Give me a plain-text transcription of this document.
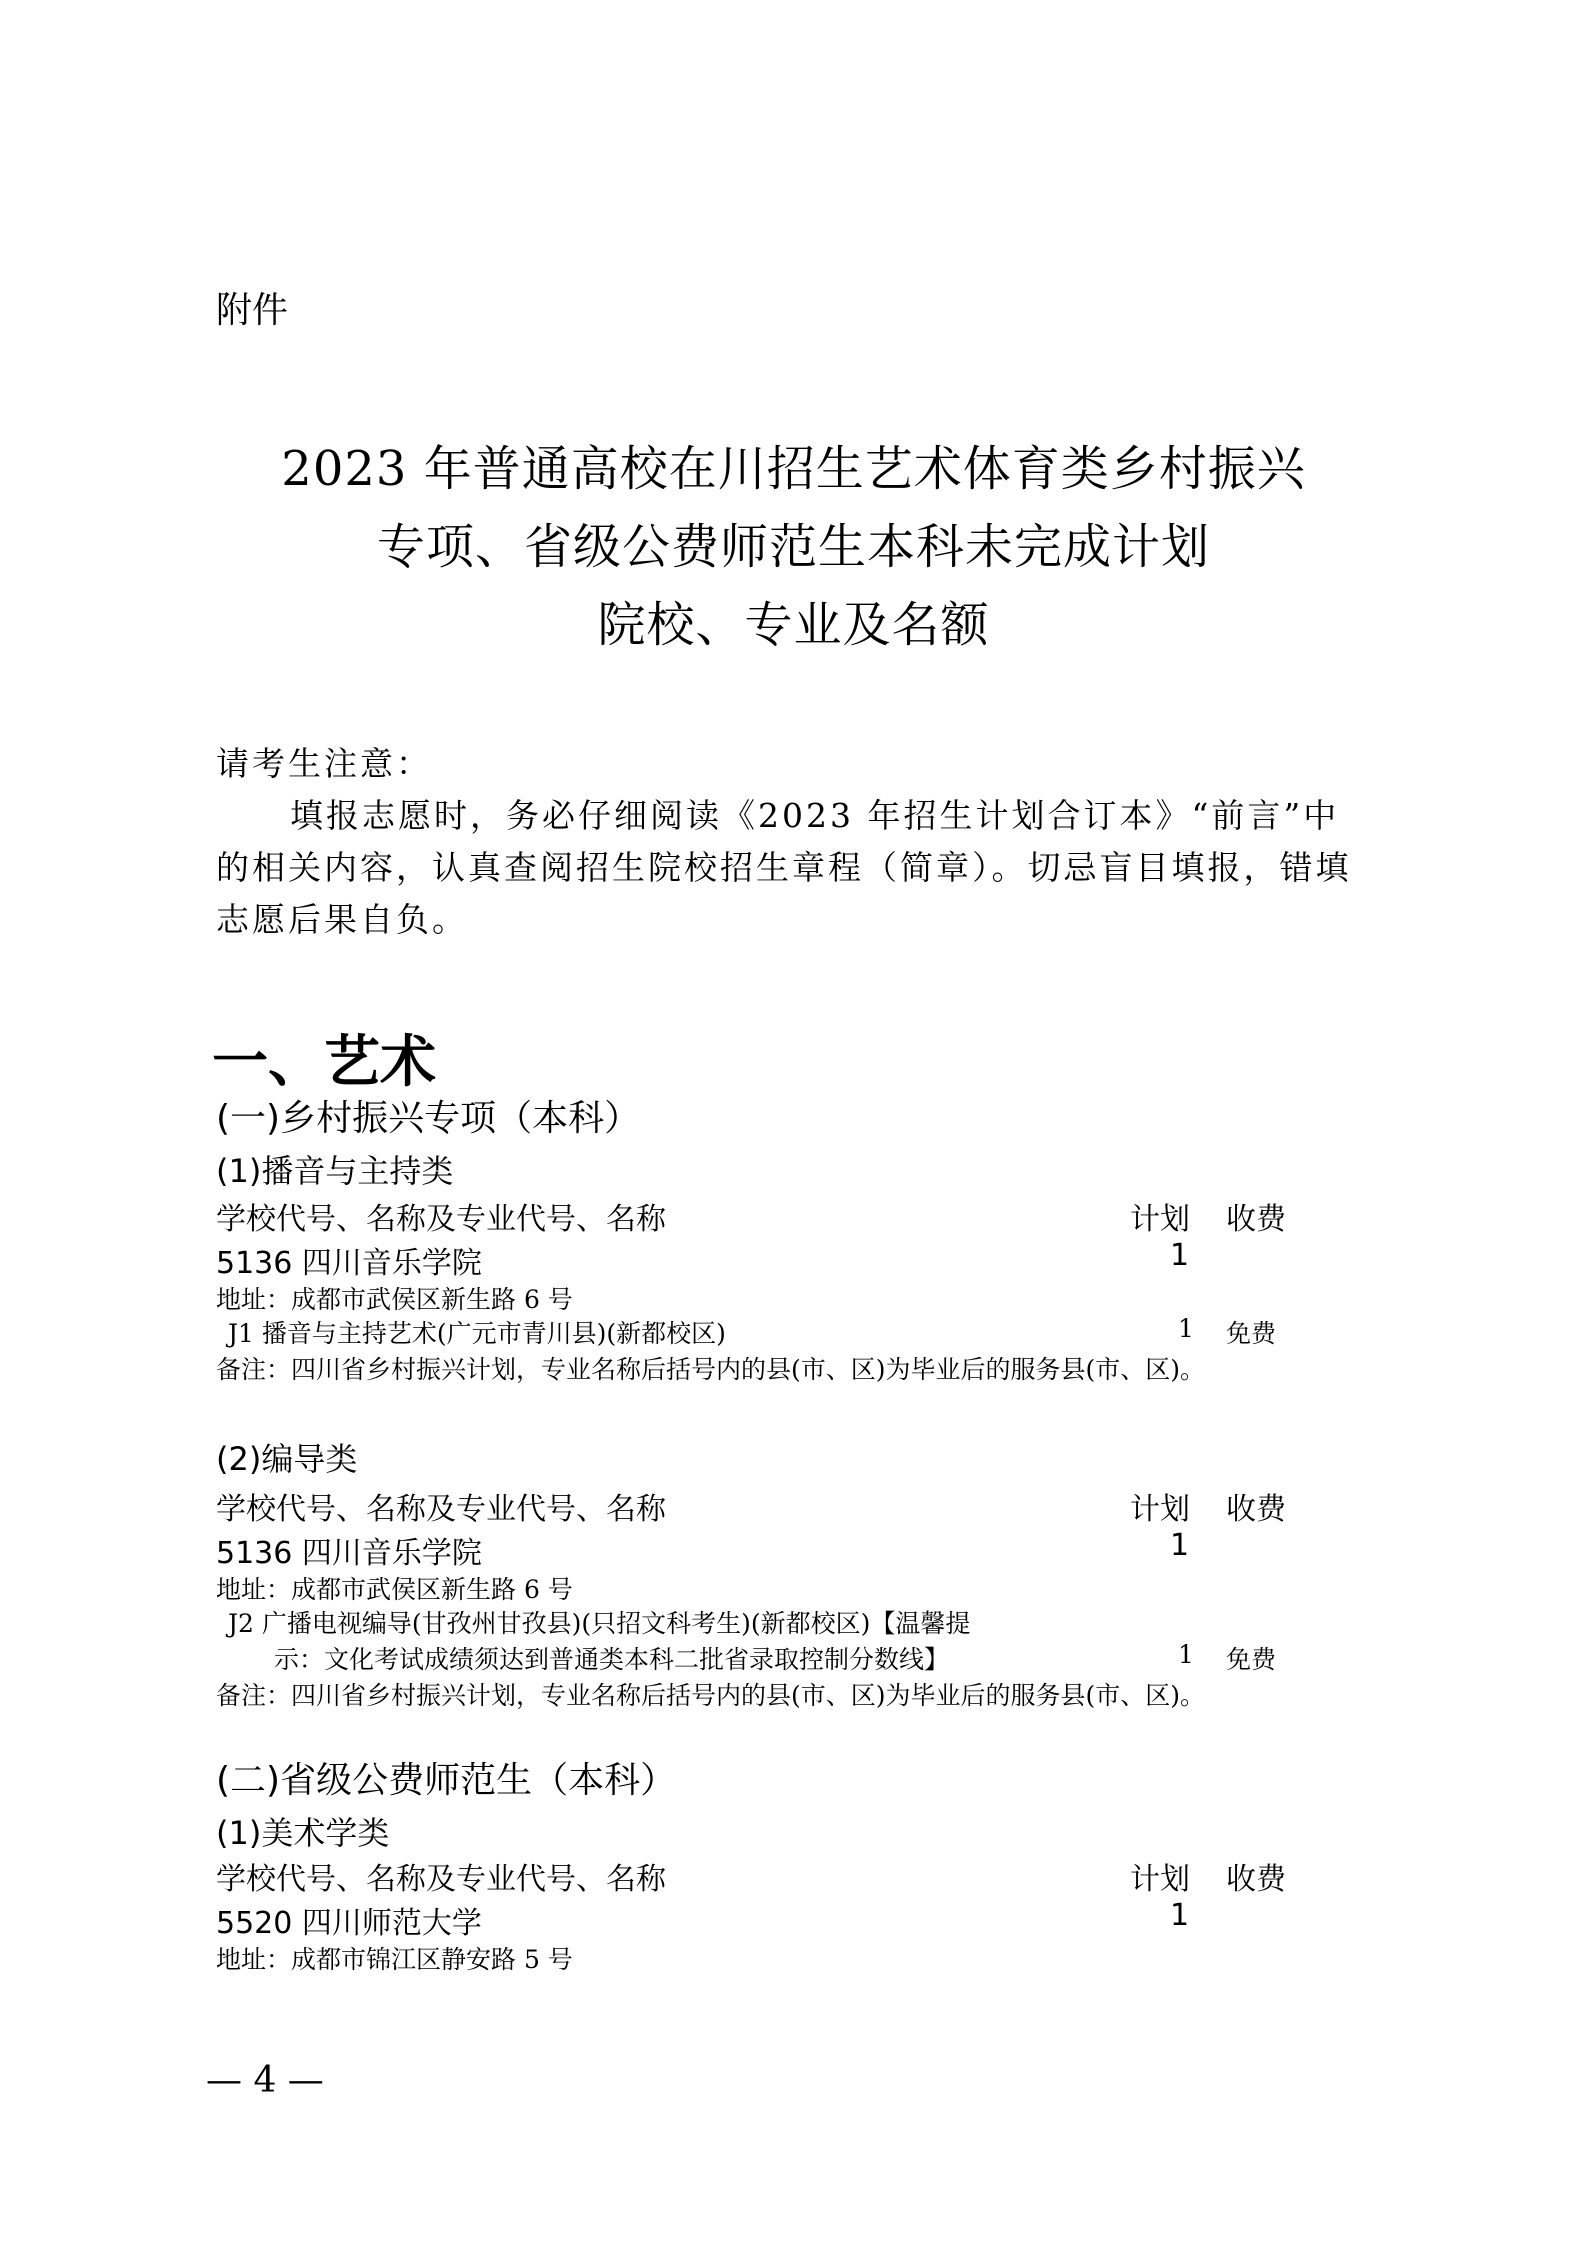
附件
2023 年普通高校在川招生艺术体育类乡村振兴
专项、省级公费师范生本科未完成计划
院校、专业及名额
请考生注意：
填报志愿时，务必仔细阅读《2023 年招生计划合订本》“前言”中
的相关内容，认真查阅招生院校招生章程（简章）。切忌盲目填报，错填
志愿后果自负。
一、艺术
(一)乡村振兴专项（本科）
(1)播音与主持类
学校代号、名称及专业代号、名称	计划 收费
5136 四川音乐学院	1
地址：成都市武侯区新生路 6 号
J1 播音与主持艺术(广元市青川县)(新都校区)	1 免费
备注：四川省乡村振兴计划，专业名称后括号内的县(市、区)为毕业后的服务县(市、区)。
(2)编导类
学校代号、名称及专业代号、名称	计划 收费
5136 四川音乐学院	1
地址：成都市武侯区新生路 6 号
J2 广播电视编导(甘孜州甘孜县)(只招文科考生)(新都校区)【温馨提
示：文化考试成绩须达到普通类本科二批省录取控制分数线】	1 免费
备注：四川省乡村振兴计划，专业名称后括号内的县(市、区)为毕业后的服务县(市、区)。
(二)省级公费师范生（本科）
(1)美术学类
学校代号、名称及专业代号、名称	计划 收费
5520 四川师范大学	1
地址：成都市锦江区静安路 5 号
— 4 —
